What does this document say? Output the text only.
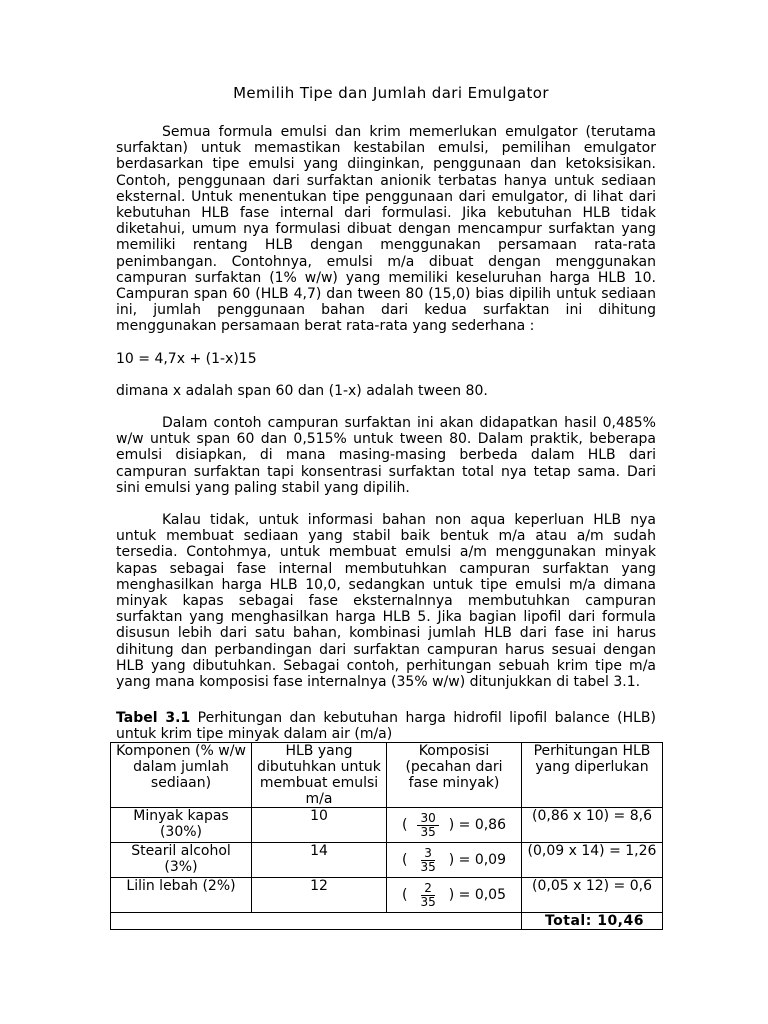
Memilih Tipe dan Jumlah dari Emulgator

Semua formula emulsi dan krim memerlukan emulgator (terutama surfaktan) untuk memastikan kestabilan emulsi, pemilihan emulgator berdasarkan tipe emulsi yang diinginkan, penggunaan dan ketoksisikan. Contoh, penggunaan dari surfaktan anionik terbatas hanya untuk sediaan eksternal. Untuk menentukan tipe penggunaan dari emulgator, di lihat dari kebutuhan HLB fase internal dari formulasi. Jika kebutuhan HLB tidak diketahui, umum nya formulasi dibuat dengan mencampur surfaktan yang memiliki rentang HLB dengan menggunakan persamaan rata-rata penimbangan. Contohnya, emulsi m/a dibuat dengan menggunakan campuran surfaktan (1% w/w) yang memiliki keseluruhan harga HLB 10. Campuran span 60 (HLB 4,7) dan tween 80 (15,0) bias dipilih untuk sediaan ini, jumlah penggunaan bahan dari kedua surfaktan ini dihitung menggunakan persamaan berat rata-rata yang sederhana :

10 = 4,7x + (1-x)15

dimana x adalah span 60 dan (1-x) adalah tween 80.

Dalam contoh campuran surfaktan ini akan didapatkan hasil 0,485% w/w untuk span 60 dan 0,515% untuk tween 80. Dalam praktik, beberapa emulsi disiapkan, di mana masing-masing berbeda dalam HLB dari campuran surfaktan tapi konsentrasi surfaktan total nya tetap sama. Dari sini emulsi yang paling stabil yang dipilih.

Kalau tidak, untuk informasi bahan non aqua keperluan HLB nya untuk membuat sediaan yang stabil baik bentuk m/a atau a/m sudah tersedia. Contohmya, untuk membuat emulsi a/m menggunakan minyak kapas sebagai fase internal membutuhkan campuran surfaktan yang menghasilkan harga HLB 10,0, sedangkan untuk tipe emulsi m/a dimana minyak kapas sebagai fase eksternalnnya membutuhkan campuran surfaktan yang menghasilkan harga HLB 5. Jika bagian lipofil dari formula disusun lebih dari satu bahan, kombinasi jumlah HLB dari fase ini harus dihitung dan perbandingan dari surfaktan campuran harus sesuai dengan HLB yang dibutuhkan. Sebagai contoh, perhitungan sebuah krim tipe m/a yang mana komposisi fase internalnya (35% w/w) ditunjukkan di tabel 3.1.

Tabel 3.1 Perhitungan dan kebutuhan harga hidrofil lipofil balance (HLB) untuk krim tipe minyak dalam air (m/a)

Komponen (% w/w dalam jumlah sediaan)	HLB yang dibutuhkan untuk membuat emulsi m/a	Komposisi (pecahan dari fase minyak)	Perhitungan HLB yang diperlukan
Minyak kapas (30%)	10	( $\frac{30}{35}$ ) = 0,86	(0,86 x 10) = 8,6
Stearil alcohol (3%)	14	( $\frac{3}{35}$ ) = 0,09	(0,09 x 14) = 1,26
Lilin lebah (2%)	12	( $\frac{2}{35}$ ) = 0,05	(0,05 x 12) = 0,6
			Total: 10,46
